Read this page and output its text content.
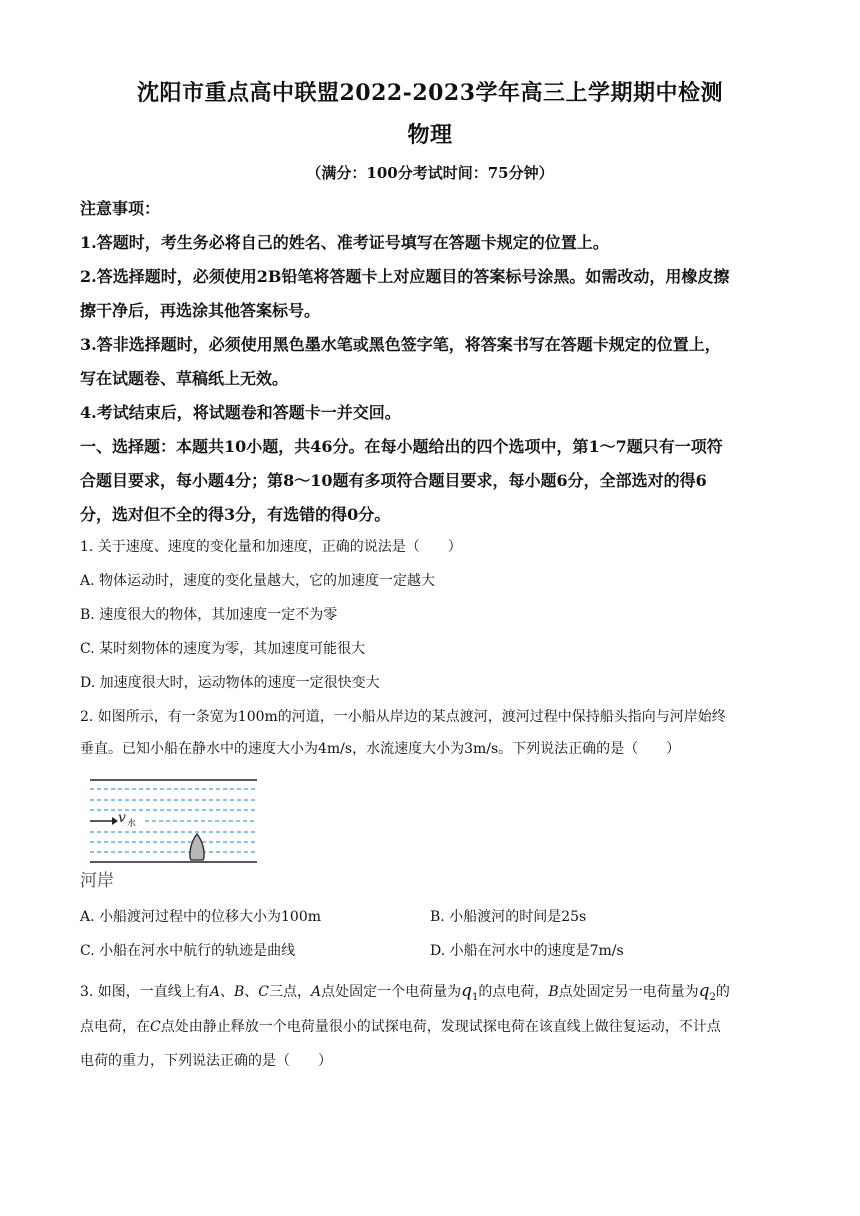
沈阳市重点高中联盟2022-2023学年高三上学期期中检测
物理
（满分：100分考试时间：75分钟）
注意事项：
1.答题时，考生务必将自己的姓名、准考证号填写在答题卡规定的位置上。
2.答选择题时，必须使用2B铅笔将答题卡上对应题目的答案标号涂黑。如需改动，用橡皮擦
擦干净后，再选涂其他答案标号。
3.答非选择题时，必须使用黑色墨水笔或黑色签字笔，将答案书写在答题卡规定的位置上，
写在试题卷、草稿纸上无效。
4.考试结束后，将试题卷和答题卡一并交回。
一、选择题：本题共10小题，共46分。在每小题给出的四个选项中，第1～7题只有一项符
合题目要求，每小题4分；第8～10题有多项符合题目要求，每小题6分，全部选对的得6
分，选对但不全的得3分，有选错的得0分。
1. 关于速度、速度的变化量和加速度，正确的说法是（　　）
A. 物体运动时，速度的变化量越大，它的加速度一定越大
B. 速度很大的物体，其加速度一定不为零
C. 某时刻物体的速度为零，其加速度可能很大
D. 加速度很大时，运动物体的速度一定很快变大
2. 如图所示，有一条宽为100m的河道，一小船从岸边的某点渡河，渡河过程中保持船头指向与河岸始终
垂直。已知小船在静水中的速度大小为4m/s，水流速度大小为3m/s。下列说法正确的是（　　）
v 水
河岸
A. 小船渡河过程中的位移大小为100m	B. 小船渡河的时间是25s
C. 小船在河水中航行的轨迹是曲线	D. 小船在河水中的速度是7m/s
3. 如图，一直线上有A、B、C三点，A点处固定一个电荷量为$q_1$的点电荷，B点处固定另一电荷量为$q_2$的
点电荷，在C点处由静止释放一个电荷量很小的试探电荷，发现试探电荷在该直线上做往复运动，不计点
电荷的重力，下列说法正确的是（　　）
